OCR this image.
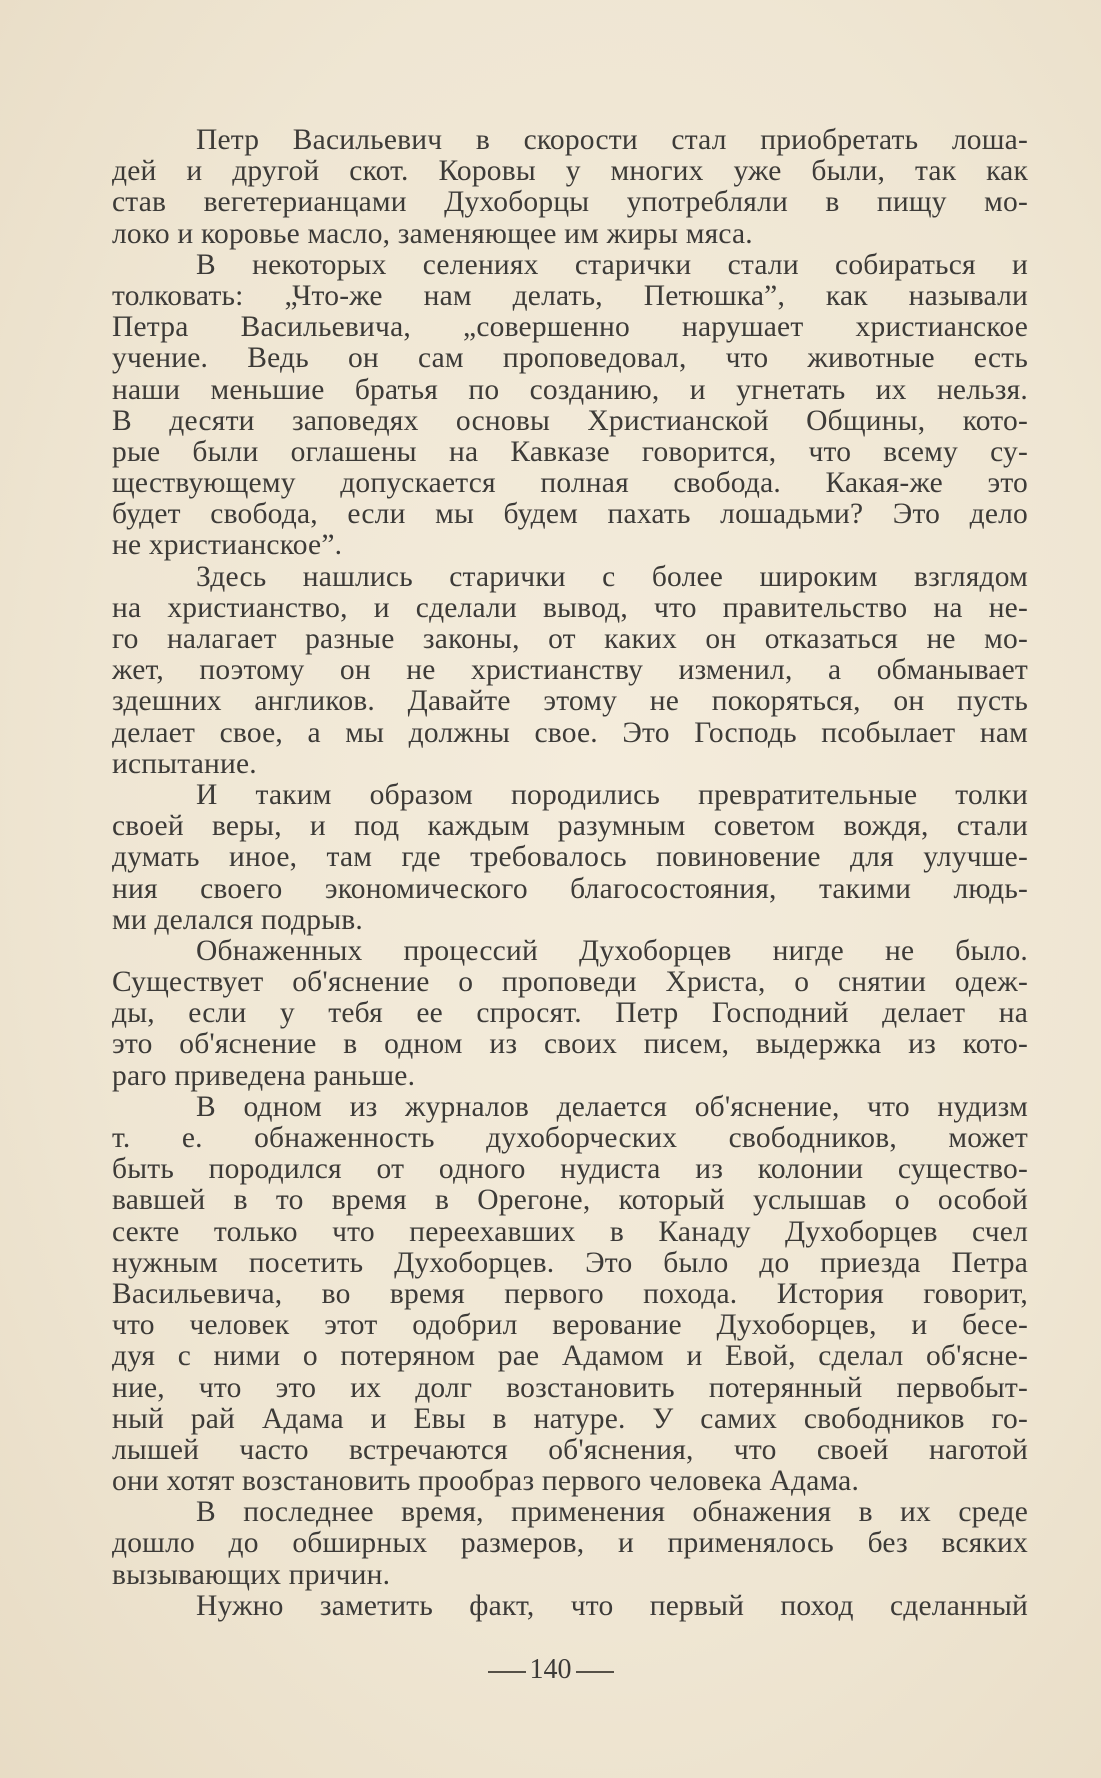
Петр Васильевич в скорости стал приобретать лоша-
дей и другой скот. Коровы у многих уже были, так как
став вегетерианцами Духоборцы употребляли в пищу мо-
локо и коровье масло, заменяющее им жиры мяса.
В некоторых селениях старички стали собираться и
толковать: „Что-же нам делать, Петюшка”, как называли
Петра Васильевича, „совершенно нарушает христианское
учение. Ведь он сам проповедовал, что животные есть
наши меньшие братья по созданию, и угнетать их нельзя.
В десяти заповедях основы Христианской Общины, кото-
рые были оглашены на Кавказе говорится, что всему су-
ществующему допускается полная свобода. Какая-же это
будет свобода, если мы будем пахать лошадьми? Это дело
не христианское”.
Здесь нашлись старички с более широким взглядом
на христианство, и сделали вывод, что правительство на не-
го налагает разные законы, от каких он отказаться не мо-
жет, поэтому он не христианству изменил, а обманывает
здешних англиков. Давайте этому не покоряться, он пусть
делает свое, а мы должны свое. Это Господь псобылает нам
испытание.
И таким образом породились превратительные толки
своей веры, и под каждым разумным советом вождя, стали
думать иное, там где требовалось повиновение для улучше-
ния своего экономического благосостояния, такими людь-
ми делался подрыв.
Обнаженных процессий Духоборцев нигде не было.
Существует об'яснение о проповеди Христа, о снятии одеж-
ды, если у тебя ее спросят. Петр Господний делает на
это об'яснение в одном из своих писем, выдержка из кото-
раго приведена раньше.
В одном из журналов делается об'яснение, что нудизм
т. е. обнаженность духоборческих свободников, может
быть породился от одного нудиста из колонии существо-
вавшей в то время в Орегоне, который услышав о особой
секте только что переехавших в Канаду Духоборцев счел
нужным посетить Духоборцев. Это было до приезда Петра
Васильевича, во время первого похода. История говорит,
что человек этот одобрил верование Духоборцев, и бесе-
дуя с ними о потеряном рае Адамом и Евой, сделал об'ясне-
ние, что это их долг возстановить потерянный первобыт-
ный рай Адама и Евы в натуре. У самих свободников го-
лышей часто встречаются об'яснения, что своей наготой
они хотят возстановить прообраз первого человека Адама.
В последнее время, применения обнажения в их среде
дошло до обширных размеров, и применялось без всяких
вызывающих причин.
Нужно заметить факт, что первый поход сделанный
140
